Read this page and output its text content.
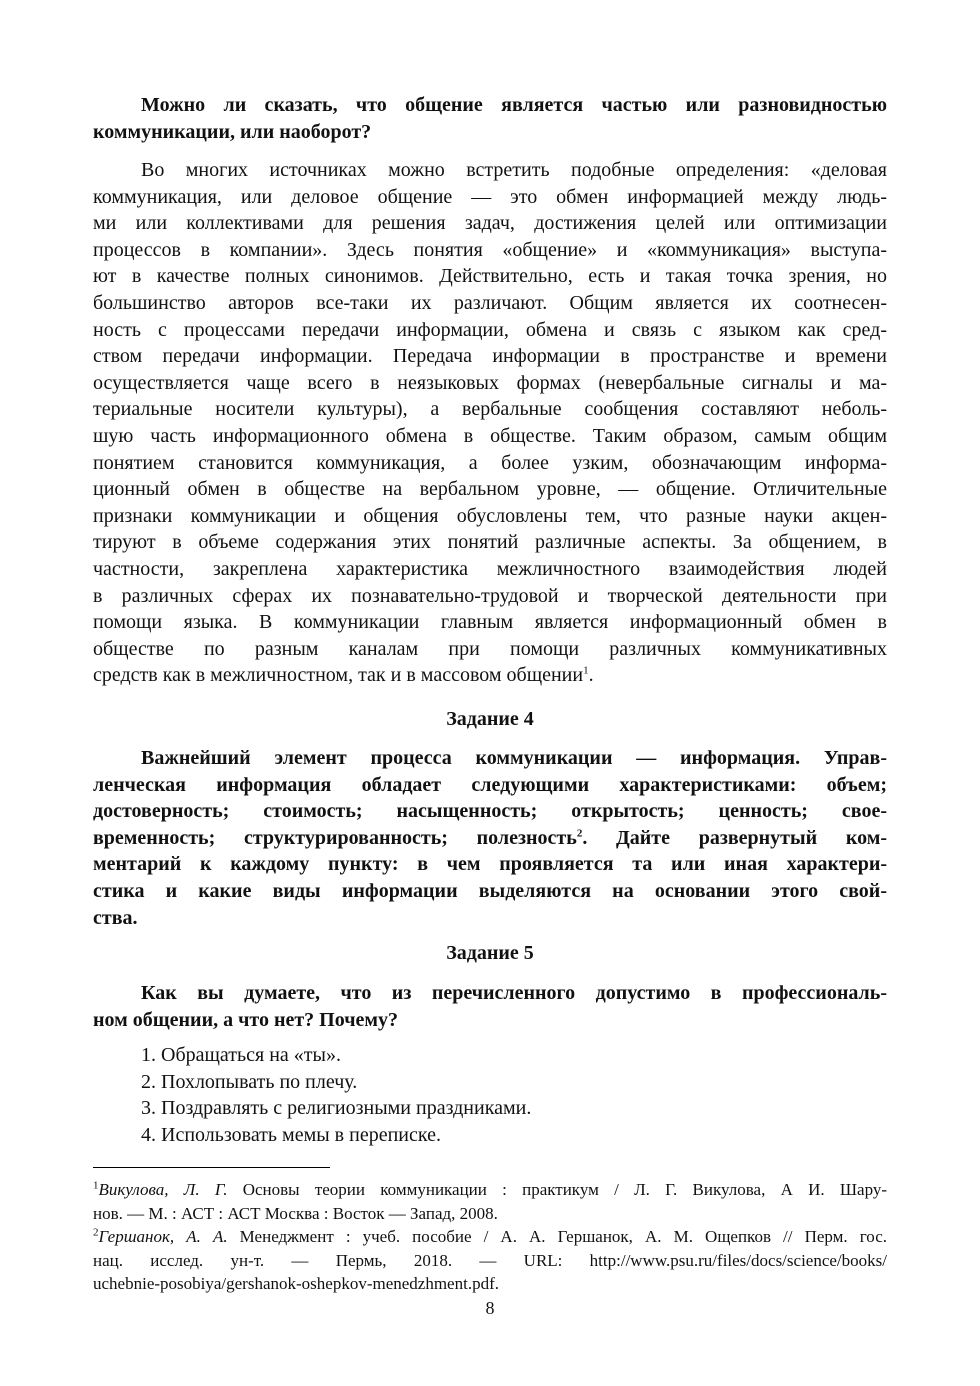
Можно ли сказать, что общение является частью или разновидностью
коммуникации, или наоборот?
Во многих источниках можно встретить подобные определения: «деловая
коммуникация, или деловое общение — это обмен информацией между людь-
ми или коллективами для решения задач, достижения целей или оптимизации
процессов в компании». Здесь понятия «общение» и «коммуникация» выступа-
ют в качестве полных синонимов. Действительно, есть и такая точка зрения, но
большинство авторов все-таки их различают. Общим является их соотнесен-
ность с процессами передачи информации, обмена и связь с языком как сред-
ством передачи информации. Передача информации в пространстве и времени
осуществляется чаще всего в неязыковых формах (невербальные сигналы и ма-
териальные носители культуры), а вербальные сообщения составляют неболь-
шую часть информационного обмена в обществе. Таким образом, самым общим
понятием становится коммуникация, а более узким, обозначающим информа-
ционный обмен в обществе на вербальном уровне, — общение. Отличительные
признаки коммуникации и общения обусловлены тем, что разные науки акцен-
тируют в объеме содержания этих понятий различные аспекты. За общением, в
частности, закреплена характеристика межличностного взаимодействия людей
в различных сферах их познавательно-трудовой и творческой деятельности при
помощи языка. В коммуникации главным является информационный обмен в
обществе по разным каналам при помощи различных коммуникативных
средств как в межличностном, так и в массовом общении$^1$.
Задание 4
Важнейший элемент процесса коммуникации — информация. Управ-
ленческая информация обладает следующими характеристиками: объем;
достоверность; стоимость; насыщенность; открытость; ценность; свое-
временность; структурированность; полезность$^2$. Дайте развернутый ком-
ментарий к каждому пункту: в чем проявляется та или иная характери-
стика и какие виды информации выделяются на основании этого свой-
ства.
Задание 5
Как вы думаете, что из перечисленного допустимо в профессиональ-
ном общении, а что нет? Почему?
1. Обращаться на «ты».
2. Похлопывать по плечу.
3. Поздравлять с религиозными праздниками.
4. Использовать мемы в переписке.
$^1$Викулова, Л. Г. Основы теории коммуникации : практикум / Л. Г. Викулова, А И. Шару-
нов. — М. : АСТ : АСТ Москва : Восток — Запад, 2008.
$^2$Гершанок, А. А. Менеджмент : учеб. пособие / А. А. Гершанок, А. М. Ощепков // Перм. гос.
нац. исслед. ун-т. — Пермь, 2018. — URL: http://www.psu.ru/files/docs/science/books/
uchebnie-posobiya/gershanok-oshepkov-menedzhment.pdf.
8
